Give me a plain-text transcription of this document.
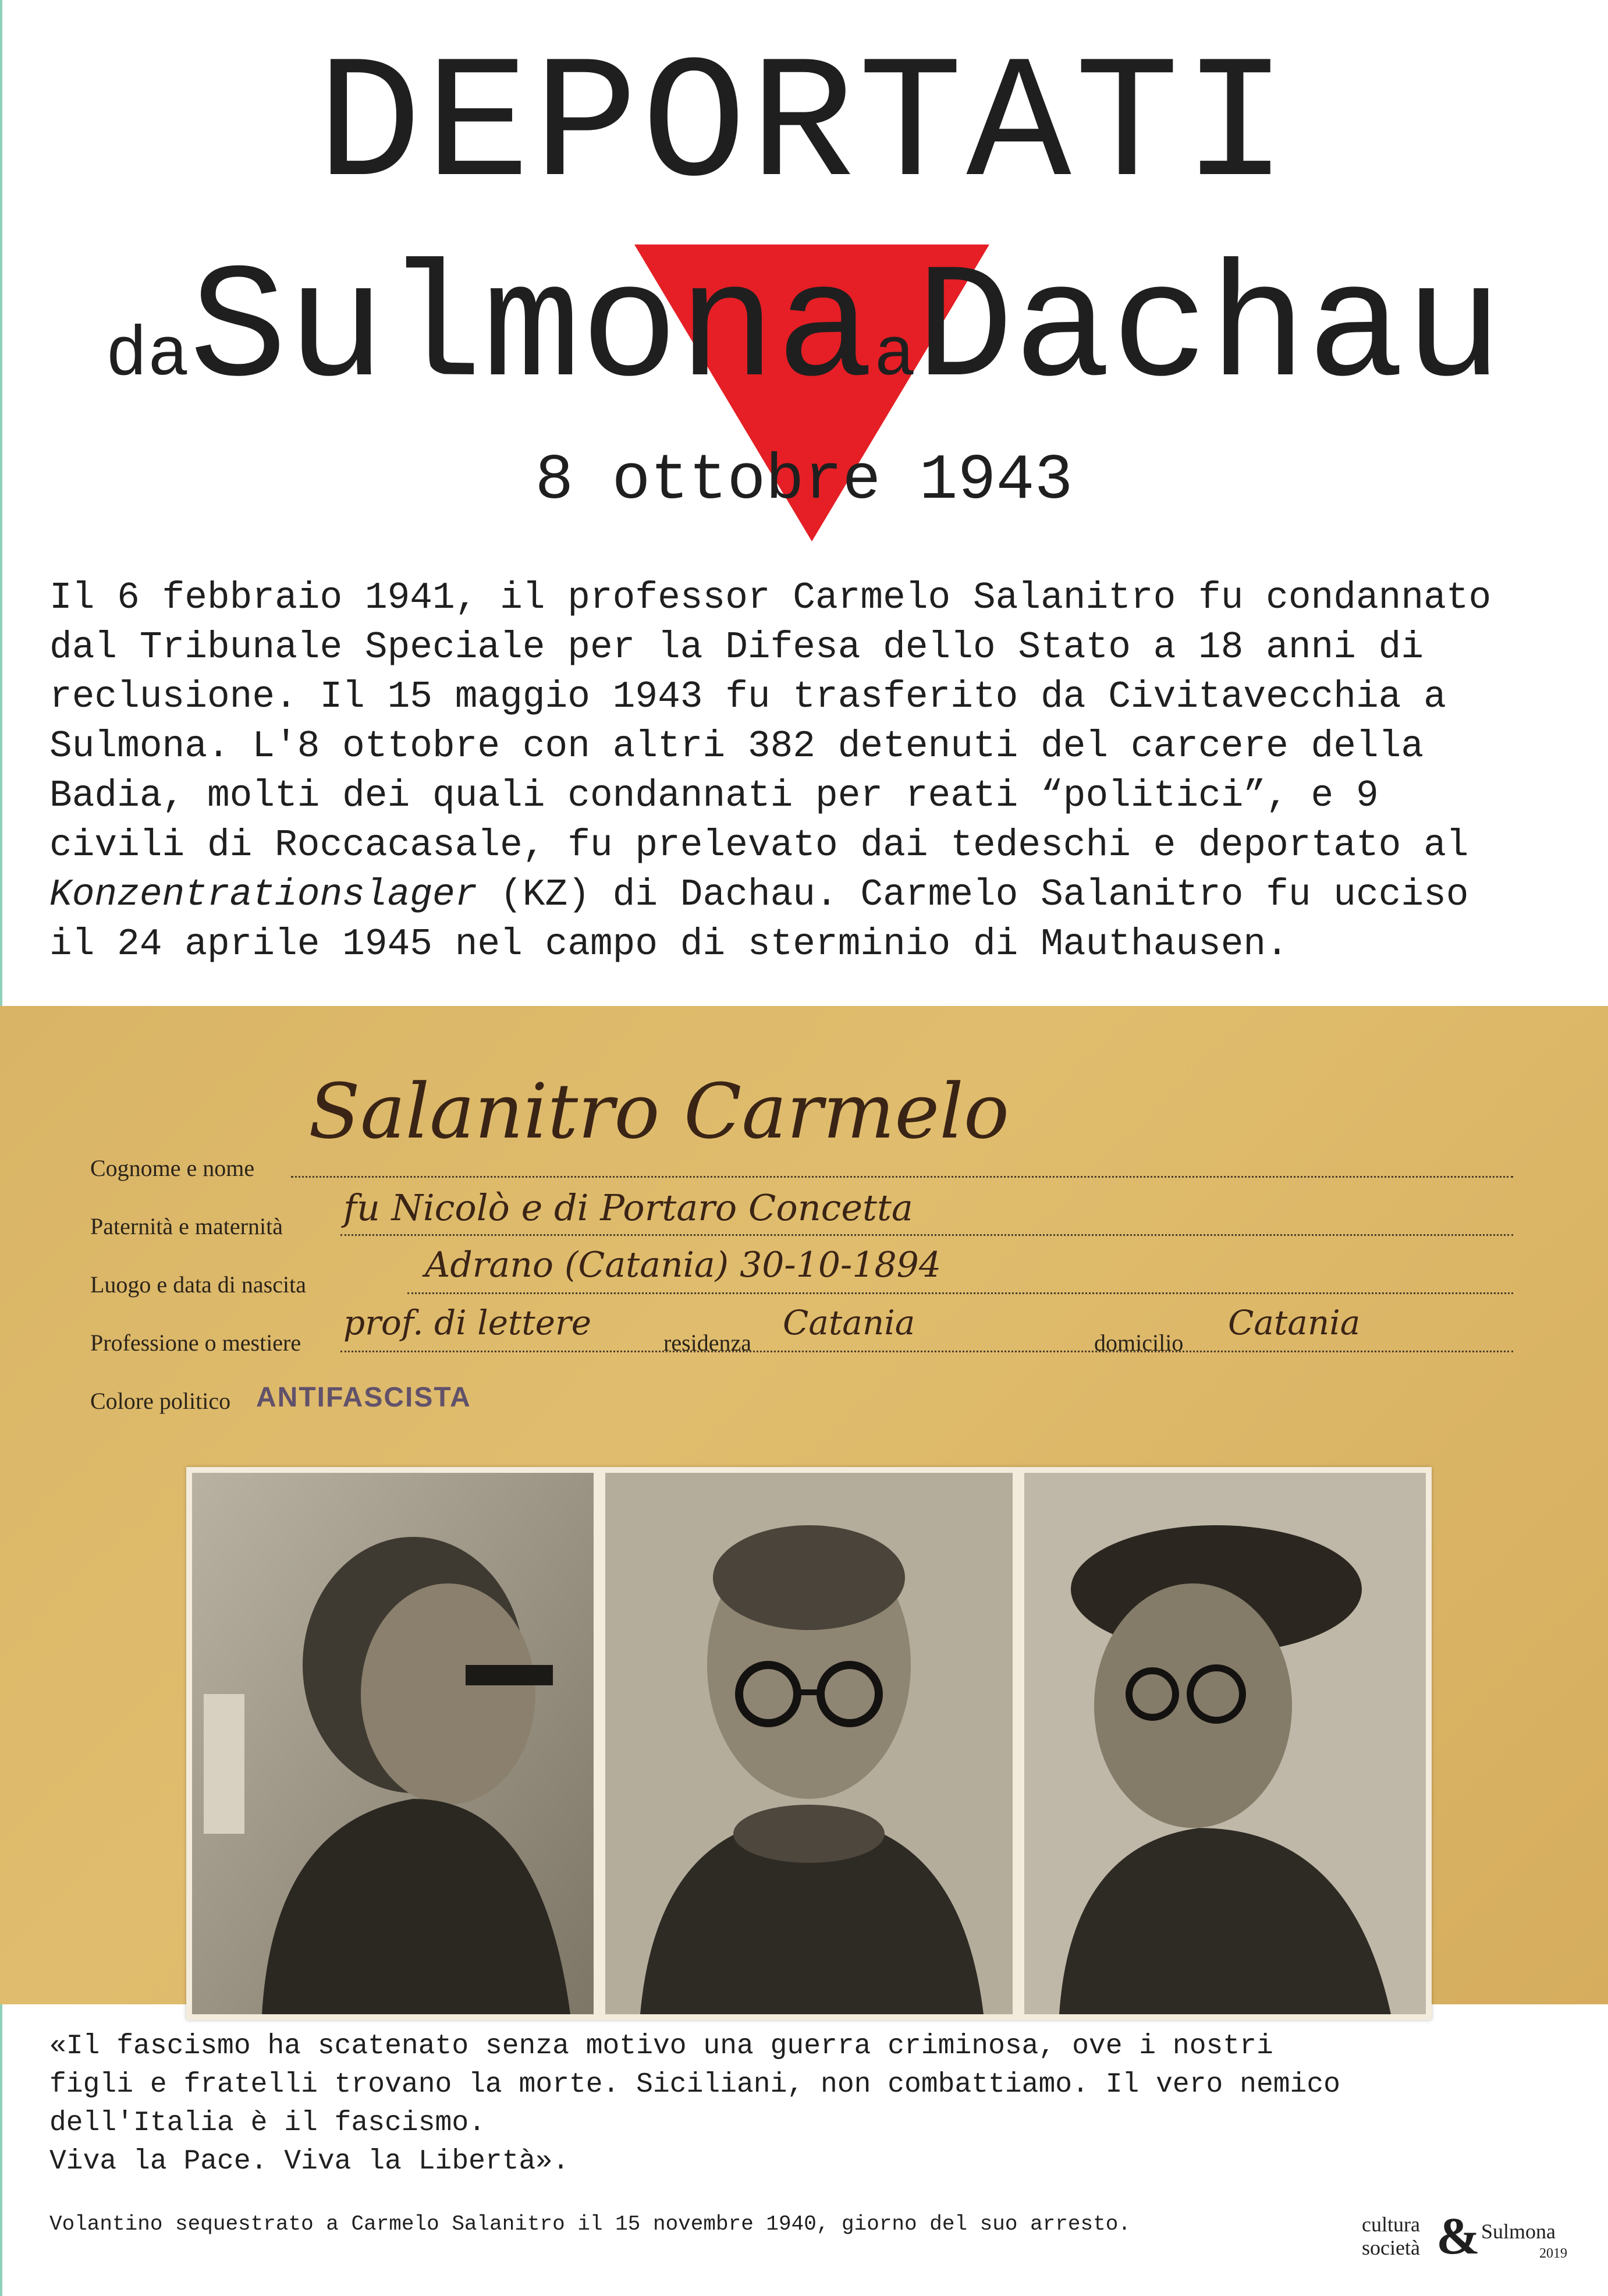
DEPORTATI
daSulmonaaDachau
8 ottobre 1943
Il 6 febbraio 1941, il professor Carmelo Salanitro fu condannato
dal Tribunale Speciale per la Difesa dello Stato a 18 anni di
reclusione. Il 15 maggio 1943 fu trasferito da Civitavecchia a
Sulmona. L'8 ottobre con altri 382 detenuti del carcere della
Badia, molti dei quali condannati per reati “politici”, e 9
civili di Roccacasale, fu prelevato dai tedeschi e deportato al
Konzentrationslager (KZ) di Dachau. Carmelo Salanitro fu ucciso
il 24 aprile 1945 nel campo di sterminio di Mauthausen.
Salanitro Carmelo
Cognome e nome
fu Nicolò e di Portaro Concetta
Paternità e maternità
Adrano (Catania) 30-10-1894
Luogo e data di nascita
Professione o mestiere
prof. di lettere
residenza
Catania
domicilio
Catania
Colore politico ANTIFASCISTA
«Il fascismo ha scatenato senza motivo una guerra criminosa, ove i nostri
figli e fratelli trovano la morte. Siciliani, non combattiamo. Il vero nemico
dell'Italia è il fascismo.
Viva la Pace. Viva la Libertà».
Volantino sequestrato a Carmelo Salanitro il 15 novembre 1940, giorno del suo arresto.	cultura
società & Sulmona
2019
